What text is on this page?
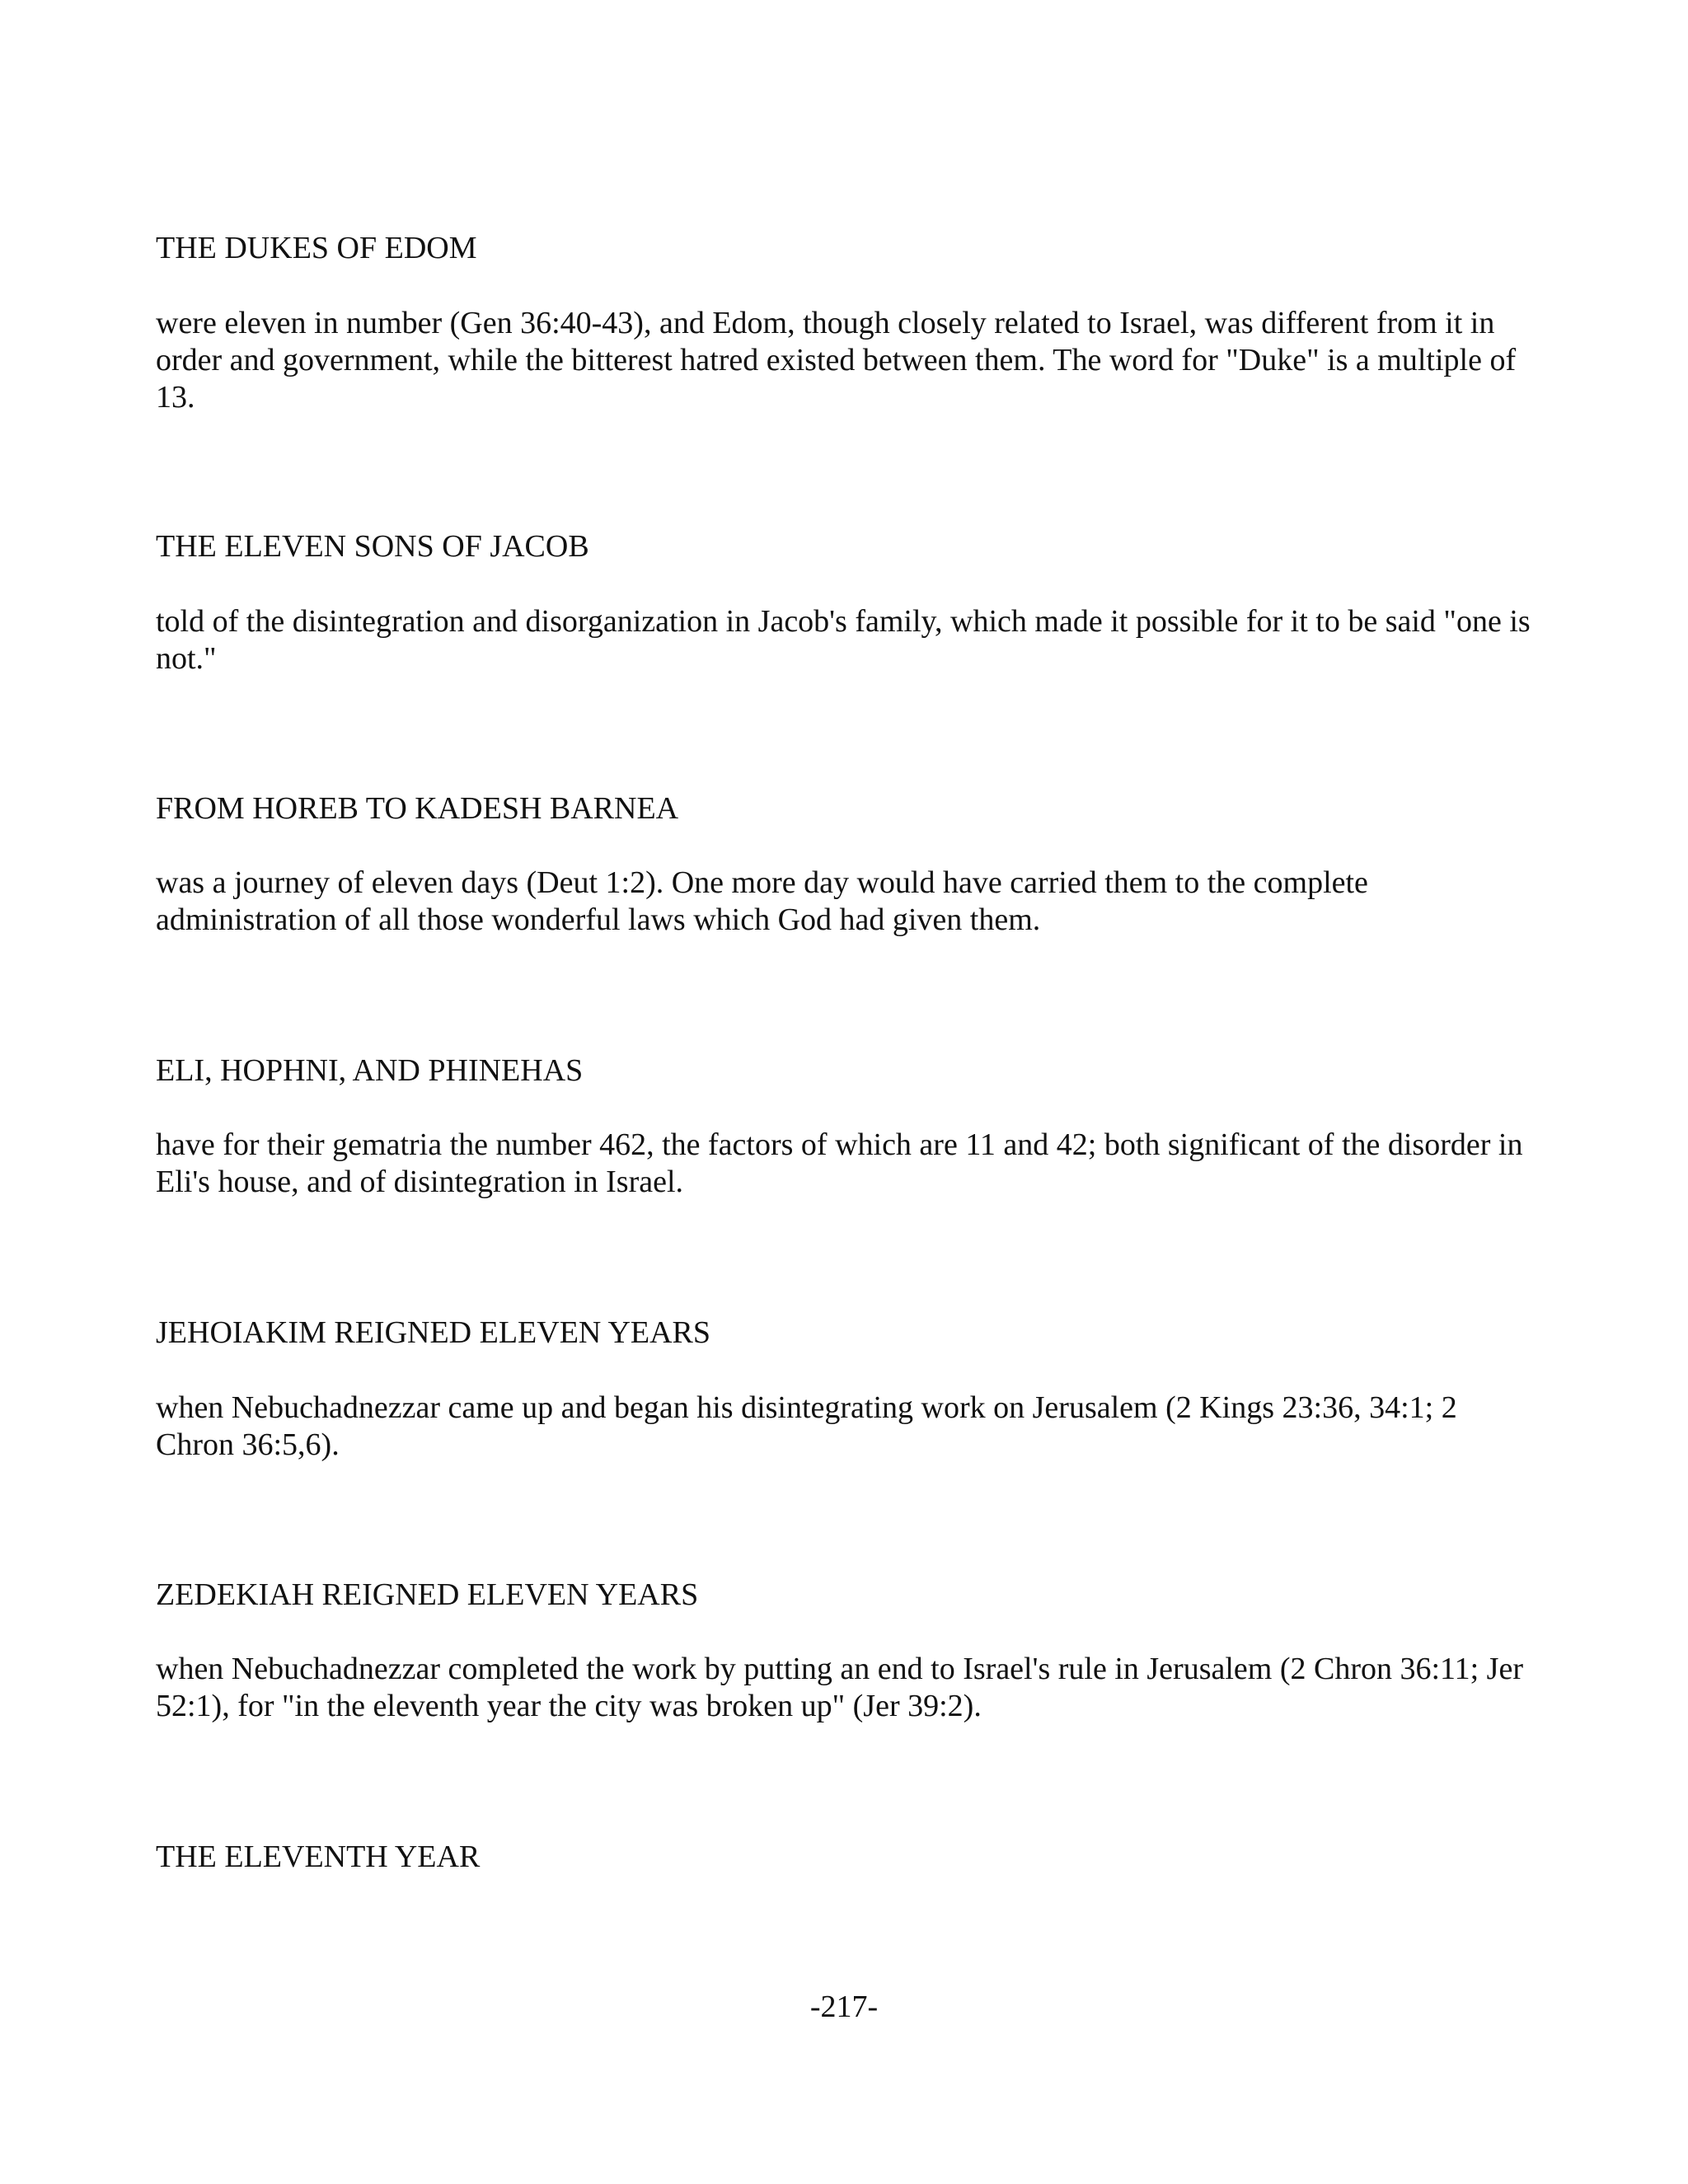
THE DUKES OF EDOM

were eleven in number (Gen 36:40-43), and Edom, though closely related to Israel, was different from it in order and government, while the bitterest hatred existed between them. The word for "Duke" is a multiple of 13.

THE ELEVEN SONS OF JACOB

told of the disintegration and disorganization in Jacob's family, which made it possible for it to be said "one is not."

FROM HOREB TO KADESH BARNEA

was a journey of eleven days (Deut 1:2). One more day would have carried them to the complete administration of all those wonderful laws which God had given them.

ELI, HOPHNI, AND PHINEHAS

have for their gematria the number 462, the factors of which are 11 and 42; both significant of the disorder in Eli's house, and of disintegration in Israel.

JEHOIAKIM REIGNED ELEVEN YEARS

when Nebuchadnezzar came up and began his disintegrating work on Jerusalem (2 Kings 23:36, 34:1; 2 Chron 36:5,6).

ZEDEKIAH REIGNED ELEVEN YEARS

when Nebuchadnezzar completed the work by putting an end to Israel's rule in Jerusalem (2 Chron 36:11; Jer 52:1), for "in the eleventh year the city was broken up" (Jer 39:2).

THE ELEVENTH YEAR

-217-
